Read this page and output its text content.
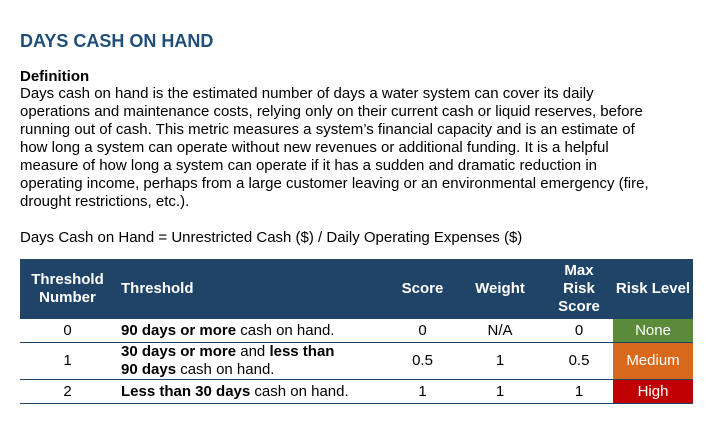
DAYS CASH ON HAND
Definition
Days cash on hand is the estimated number of days a water system can cover its daily
operations and maintenance costs, relying only on their current cash or liquid reserves, before
running out of cash. This metric measures a system’s financial capacity and is an estimate of
how long a system can operate without new revenues or additional funding. It is a helpful
measure of how long a system can operate if it has a sudden and dramatic reduction in
operating income, perhaps from a large customer leaving or an environmental emergency (fire,
drought restrictions, etc.).
Days Cash on Hand = Unrestricted Cash ($) / Daily Operating Expenses ($)
Threshold Number	Threshold	Score	Weight	Max Risk Score	Risk Level
0	90 days or more cash on hand.	0	N/A	0	None
1	30 days or more and less than
90 days cash on hand.	0.5	1	0.5	Medium
2	Less than 30 days cash on hand.	1	1	1	High
